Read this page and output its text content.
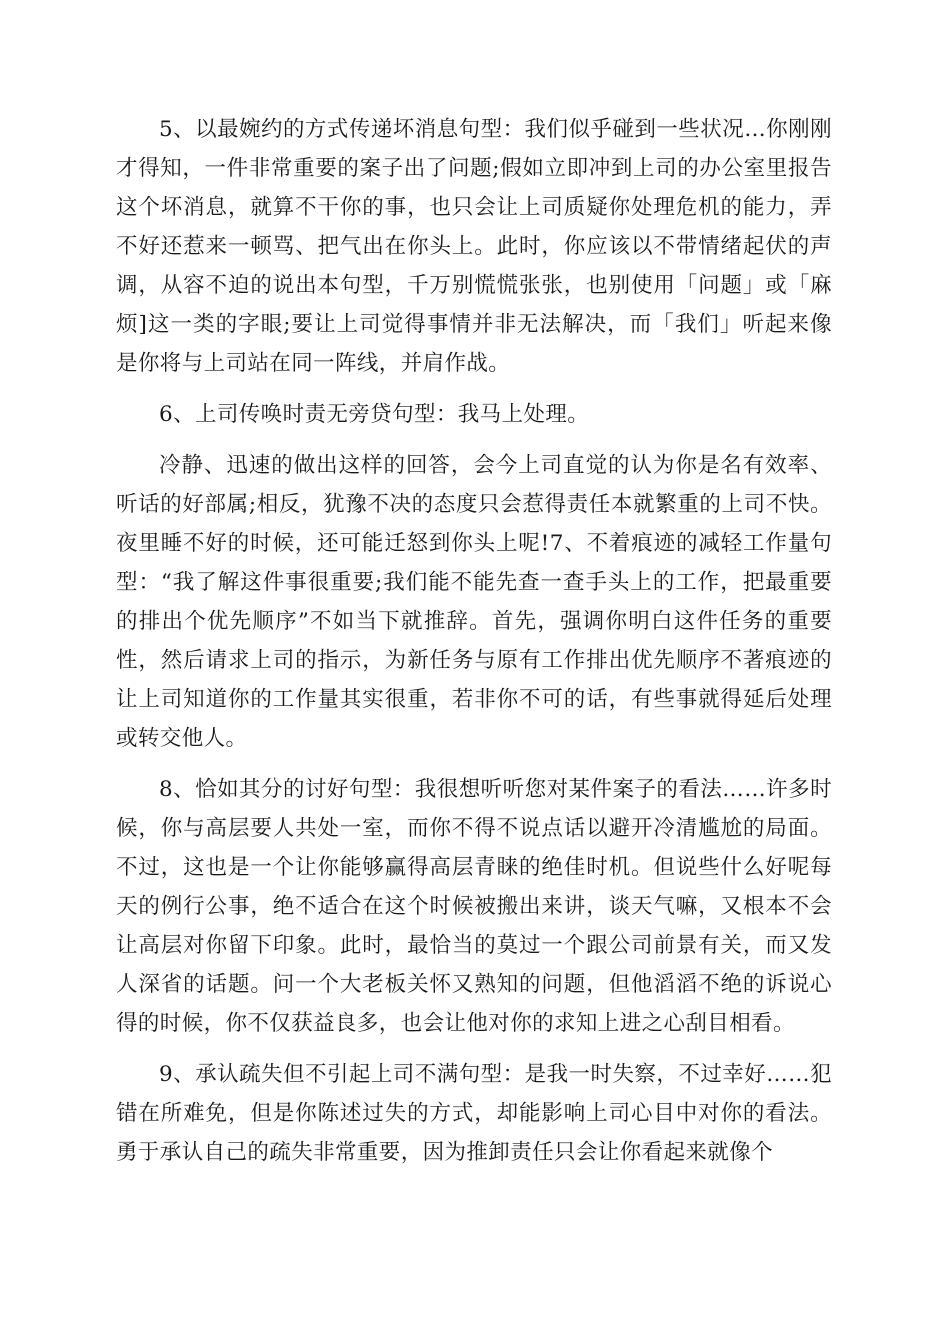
5、以最婉约的方式传递坏消息句型：我们似乎碰到一些状况…你刚刚才得知，一件非常重要的案子出了问题;假如立即冲到上司的办公室里报告这个坏消息，就算不干你的事，也只会让上司质疑你处理危机的能力，弄不好还惹来一顿骂、把气出在你头上。此时，你应该以不带情绪起伏的声调，从容不迫的说出本句型，千万别慌慌张张，也别使用「问题」或「麻烦]这一类的字眼;要让上司觉得事情并非无法解决，而「我们」听起来像是你将与上司站在同一阵线，并肩作战。

6、上司传唤时责无旁贷句型：我马上处理。

冷静、迅速的做出这样的回答，会今上司直觉的认为你是名有效率、听话的好部属;相反，犹豫不决的态度只会惹得责任本就繁重的上司不快。夜里睡不好的时候，还可能迁怒到你头上呢!7、不着痕迹的减轻工作量句型：“我了解这件事很重要;我们能不能先查一查手头上的工作，把最重要的排出个优先顺序”不如当下就推辞。首先，强调你明白这件任务的重要性，然后请求上司的指示，为新任务与原有工作排出优先顺序不著痕迹的让上司知道你的工作量其实很重，若非你不可的话，有些事就得延后处理或转交他人。

8、恰如其分的讨好句型：我很想听听您对某件案子的看法……许多时候，你与高层要人共处一室，而你不得不说点话以避开冷清尴尬的局面。不过，这也是一个让你能够赢得高层青睐的绝佳时机。但说些什么好呢每天的例行公事，绝不适合在这个时候被搬出来讲，谈天气嘛，又根本不会让高层对你留下印象。此时，最恰当的莫过一个跟公司前景有关，而又发人深省的话题。问一个大老板关怀又熟知的问题，但他滔滔不绝的诉说心得的时候，你不仅获益良多，也会让他对你的求知上进之心刮目相看。

9、承认疏失但不引起上司不满句型：是我一时失察，不过幸好……犯错在所难免，但是你陈述过失的方式，却能影响上司心目中对你的看法。勇于承认自己的疏失非常重要，因为推卸责任只会让你看起来就像个
